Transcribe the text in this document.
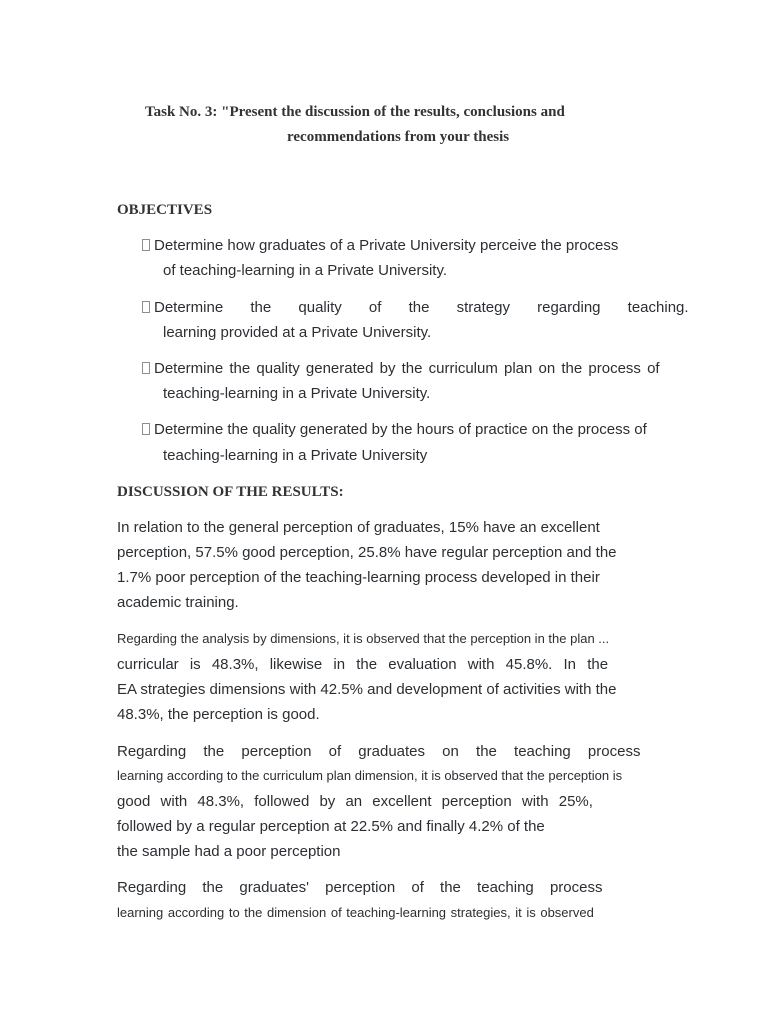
Task No. 3: "Present the discussion of the results, conclusions and
recommendations from your thesis
OBJECTIVES
Determine how graduates of a Private University perceive the process
of teaching-learning in a Private University.
Determine the quality of the strategy regarding teaching.
learning provided at a Private University.
Determine the quality generated by the curriculum plan on the process of
teaching-learning in a Private University.
Determine the quality generated by the hours of practice on the process of
teaching-learning in a Private University
DISCUSSION OF THE RESULTS:
In relation to the general perception of graduates, 15% have an excellent
perception, 57.5% good perception, 25.8% have regular perception and the
1.7% poor perception of the teaching-learning process developed in their
academic training.
Regarding the analysis by dimensions, it is observed that the perception in the plan ...
curricular is 48.3%, likewise in the evaluation with 45.8%. In the
EA strategies dimensions with 42.5% and development of activities with the
48.3%, the perception is good.
Regarding the perception of graduates on the teaching process
learning according to the curriculum plan dimension, it is observed that the perception is
good with 48.3%, followed by an excellent perception with 25%,
followed by a regular perception at 22.5% and finally 4.2% of the
the sample had a poor perception
Regarding the graduates' perception of the teaching process
learning according to the dimension of teaching-learning strategies, it is observed
